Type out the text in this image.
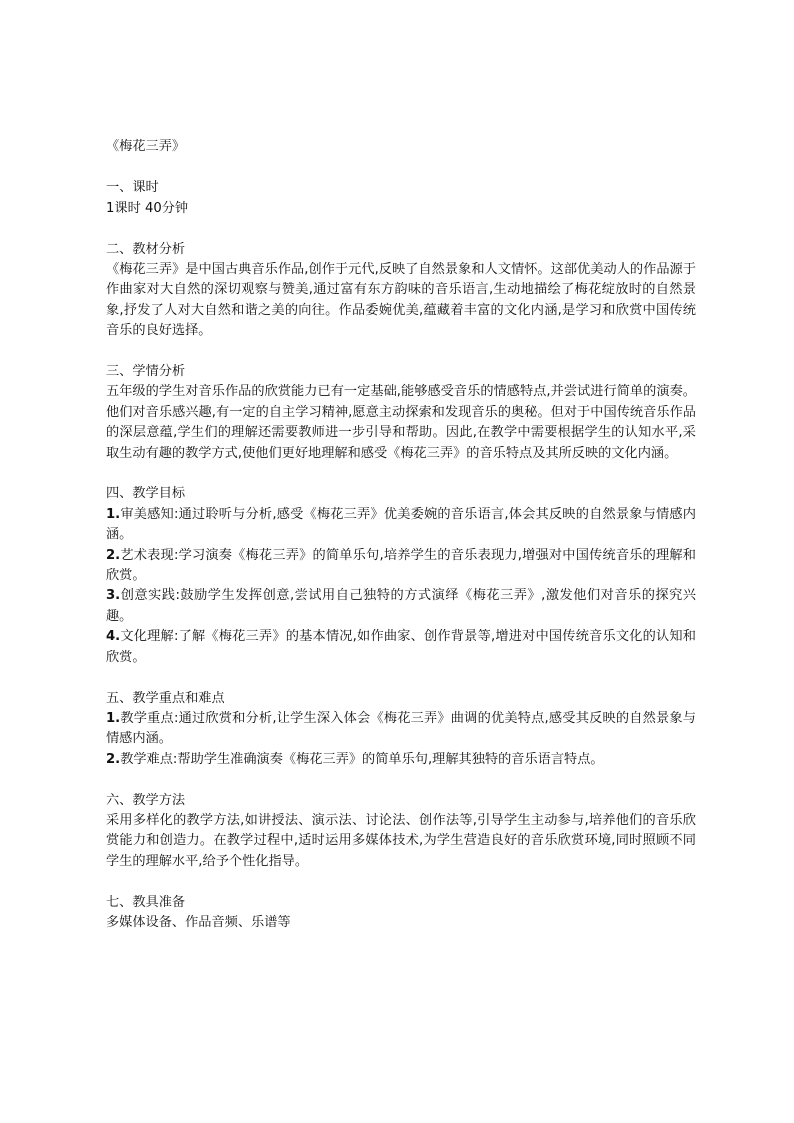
《梅花三弄》

一、课时

1课时 40分钟

二、教材分析

《梅花三弄》是中国古典音乐作品,创作于元代,反映了自然景象和人文情怀。这部优美动人的作品源于作曲家对大自然的深切观察与赞美,通过富有东方韵味的音乐语言,生动地描绘了梅花绽放时的自然景象,抒发了人对大自然和谐之美的向往。作品委婉优美,蕴藏着丰富的文化内涵,是学习和欣赏中国传统音乐的良好选择。

三、学情分析

五年级的学生对音乐作品的欣赏能力已有一定基础,能够感受音乐的情感特点,并尝试进行简单的演奏。他们对音乐感兴趣,有一定的自主学习精神,愿意主动探索和发现音乐的奥秘。但对于中国传统音乐作品的深层意蕴,学生们的理解还需要教师进一步引导和帮助。因此,在教学中需要根据学生的认知水平,采取生动有趣的教学方式,使他们更好地理解和感受《梅花三弄》的音乐特点及其所反映的文化内涵。

四、教学目标

1.审美感知:通过聆听与分析,感受《梅花三弄》优美委婉的音乐语言,体会其反映的自然景象与情感内涵。

2.艺术表现:学习演奏《梅花三弄》的简单乐句,培养学生的音乐表现力,增强对中国传统音乐的理解和欣赏。

3.创意实践:鼓励学生发挥创意,尝试用自己独特的方式演绎《梅花三弄》,激发他们对音乐的探究兴趣。

4.文化理解:了解《梅花三弄》的基本情况,如作曲家、创作背景等,增进对中国传统音乐文化的认知和欣赏。

五、教学重点和难点

1.教学重点:通过欣赏和分析,让学生深入体会《梅花三弄》曲调的优美特点,感受其反映的自然景象与情感内涵。

2.教学难点:帮助学生准确演奏《梅花三弄》的简单乐句,理解其独特的音乐语言特点。

六、教学方法

采用多样化的教学方法,如讲授法、演示法、讨论法、创作法等,引导学生主动参与,培养他们的音乐欣赏能力和创造力。在教学过程中,适时运用多媒体技术,为学生营造良好的音乐欣赏环境,同时照顾不同学生的理解水平,给予个性化指导。

七、教具准备

多媒体设备、作品音频、乐谱等
